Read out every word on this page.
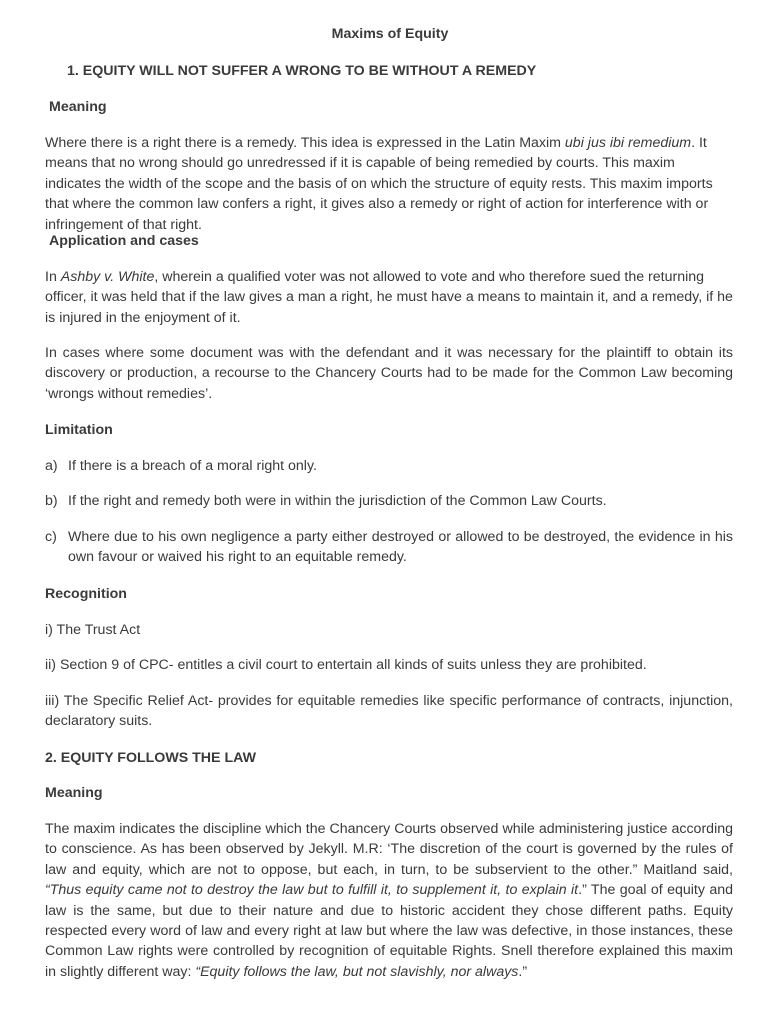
Maxims of Equity

1. EQUITY WILL NOT SUFFER A WRONG TO BE WITHOUT A REMEDY

Meaning

Where there is a right there is a remedy. This idea is expressed in the Latin Maxim ubi jus ibi remedium. It means that no wrong should go unredressed if it is capable of being remedied by courts. This maxim indicates the width of the scope and the basis of on which the structure of equity rests. This maxim imports that where the common law confers a right, it gives also a remedy or right of action for interference with or infringement of that right.

Application and cases

In Ashby v. White, wherein a qualified voter was not allowed to vote and who therefore sued the returning officer, it was held that if the law gives a man a right, he must have a means to maintain it, and a remedy, if he is injured in the enjoyment of it.

In cases where some document was with the defendant and it was necessary for the plaintiff to obtain its discovery or production, a recourse to the Chancery Courts had to be made for the Common Law becoming ‘wrongs without remedies’.

Limitation

a) If there is a breach of a moral right only.
b) If the right and remedy both were in within the jurisdiction of the Common Law Courts.
c) Where due to his own negligence a party either destroyed or allowed to be destroyed, the evidence in his own favour or waived his right to an equitable remedy.

Recognition

i) The Trust Act

ii) Section 9 of CPC- entitles a civil court to entertain all kinds of suits unless they are prohibited.

iii) The Specific Relief Act- provides for equitable remedies like specific performance of contracts, injunction, declaratory suits.

2. EQUITY FOLLOWS THE LAW

Meaning

The maxim indicates the discipline which the Chancery Courts observed while administering justice according to conscience. As has been observed by Jekyll. M.R: ‘The discretion of the court is governed by the rules of law and equity, which are not to oppose, but each, in turn, to be subservient to the other.” Maitland said, “Thus equity came not to destroy the law but to fulfill it, to supplement it, to explain it.” The goal of equity and law is the same, but due to their nature and due to historic accident they chose different paths. Equity respected every word of law and every right at law but where the law was defective, in those instances, these Common Law rights were controlled by recognition of equitable Rights. Snell therefore explained this maxim in slightly different way: “Equity follows the law, but not slavishly, nor always.”
